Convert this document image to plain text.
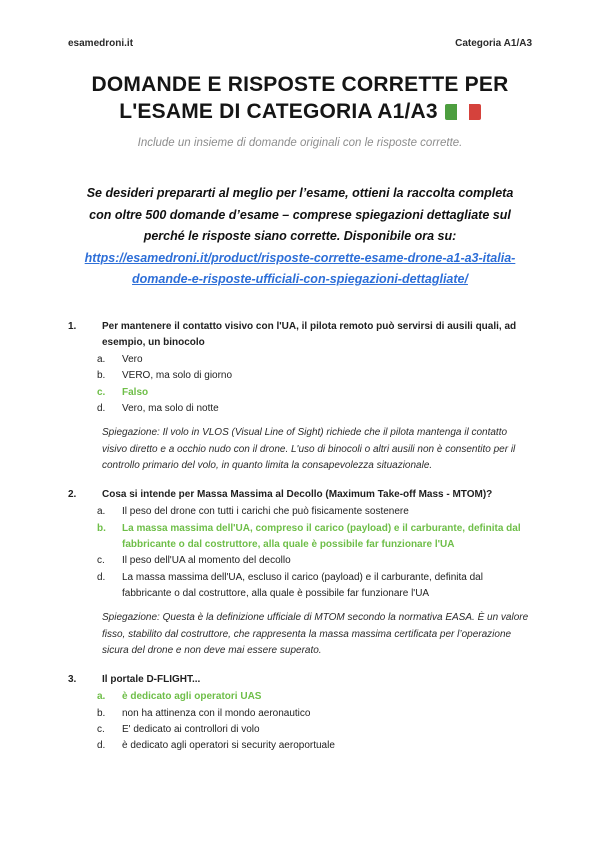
esamedroni.it	Categoria A1/A3
DOMANDE E RISPOSTE CORRETTE PER L'ESAME DI CATEGORIA A1/A3
Include un insieme di domande originali con le risposte corrette.
Se desideri prepararti al meglio per l’esame, ottieni la raccolta completa con oltre 500 domande d’esame – comprese spiegazioni dettagliate sul perché le risposte siano corrette. Disponibile ora su:
https://esamedroni.it/product/risposte-corrette-esame-drone-a1-a3-italia-domande-e-risposte-ufficiali-con-spiegazioni-dettagliate/
1.	Per mantenere il contatto visivo con l'UA, il pilota remoto può servirsi di ausili quali, ad esempio, un binocolo
a.	Vero
b.	VERO, ma solo di giorno
c.	Falso
d.	Vero, ma solo di notte
Spiegazione: Il volo in VLOS (Visual Line of Sight) richiede che il pilota mantenga il contatto visivo diretto e a occhio nudo con il drone. L'uso di binocoli o altri ausili non è consentito per il controllo primario del volo, in quanto limita la consapevolezza situazionale.
2.	Cosa si intende per Massa Massima al Decollo (Maximum Take-off Mass - MTOM)?
a.	Il peso del drone con tutti i carichi che può fisicamente sostenere
b.	La massa massima dell'UA, compreso il carico (payload) e il carburante, definita dal fabbricante o dal costruttore, alla quale è possibile far funzionare l'UA
c.	Il peso dell'UA al momento del decollo
d.	La massa massima dell'UA, escluso il carico (payload) e il carburante, definita dal fabbricante o dal costruttore, alla quale è possibile far funzionare l'UA
Spiegazione: Questa è la definizione ufficiale di MTOM secondo la normativa EASA. È un valore fisso, stabilito dal costruttore, che rappresenta la massa massima certificata per l’operazione sicura del drone e non deve mai essere superato.
3.	Il portale D-FLIGHT...
a.	è dedicato agli operatori UAS
b.	non ha attinenza con il mondo aeronautico
c.	E' dedicato ai controllori di volo
d.	è dedicato agli operatori si security aeroportuale
